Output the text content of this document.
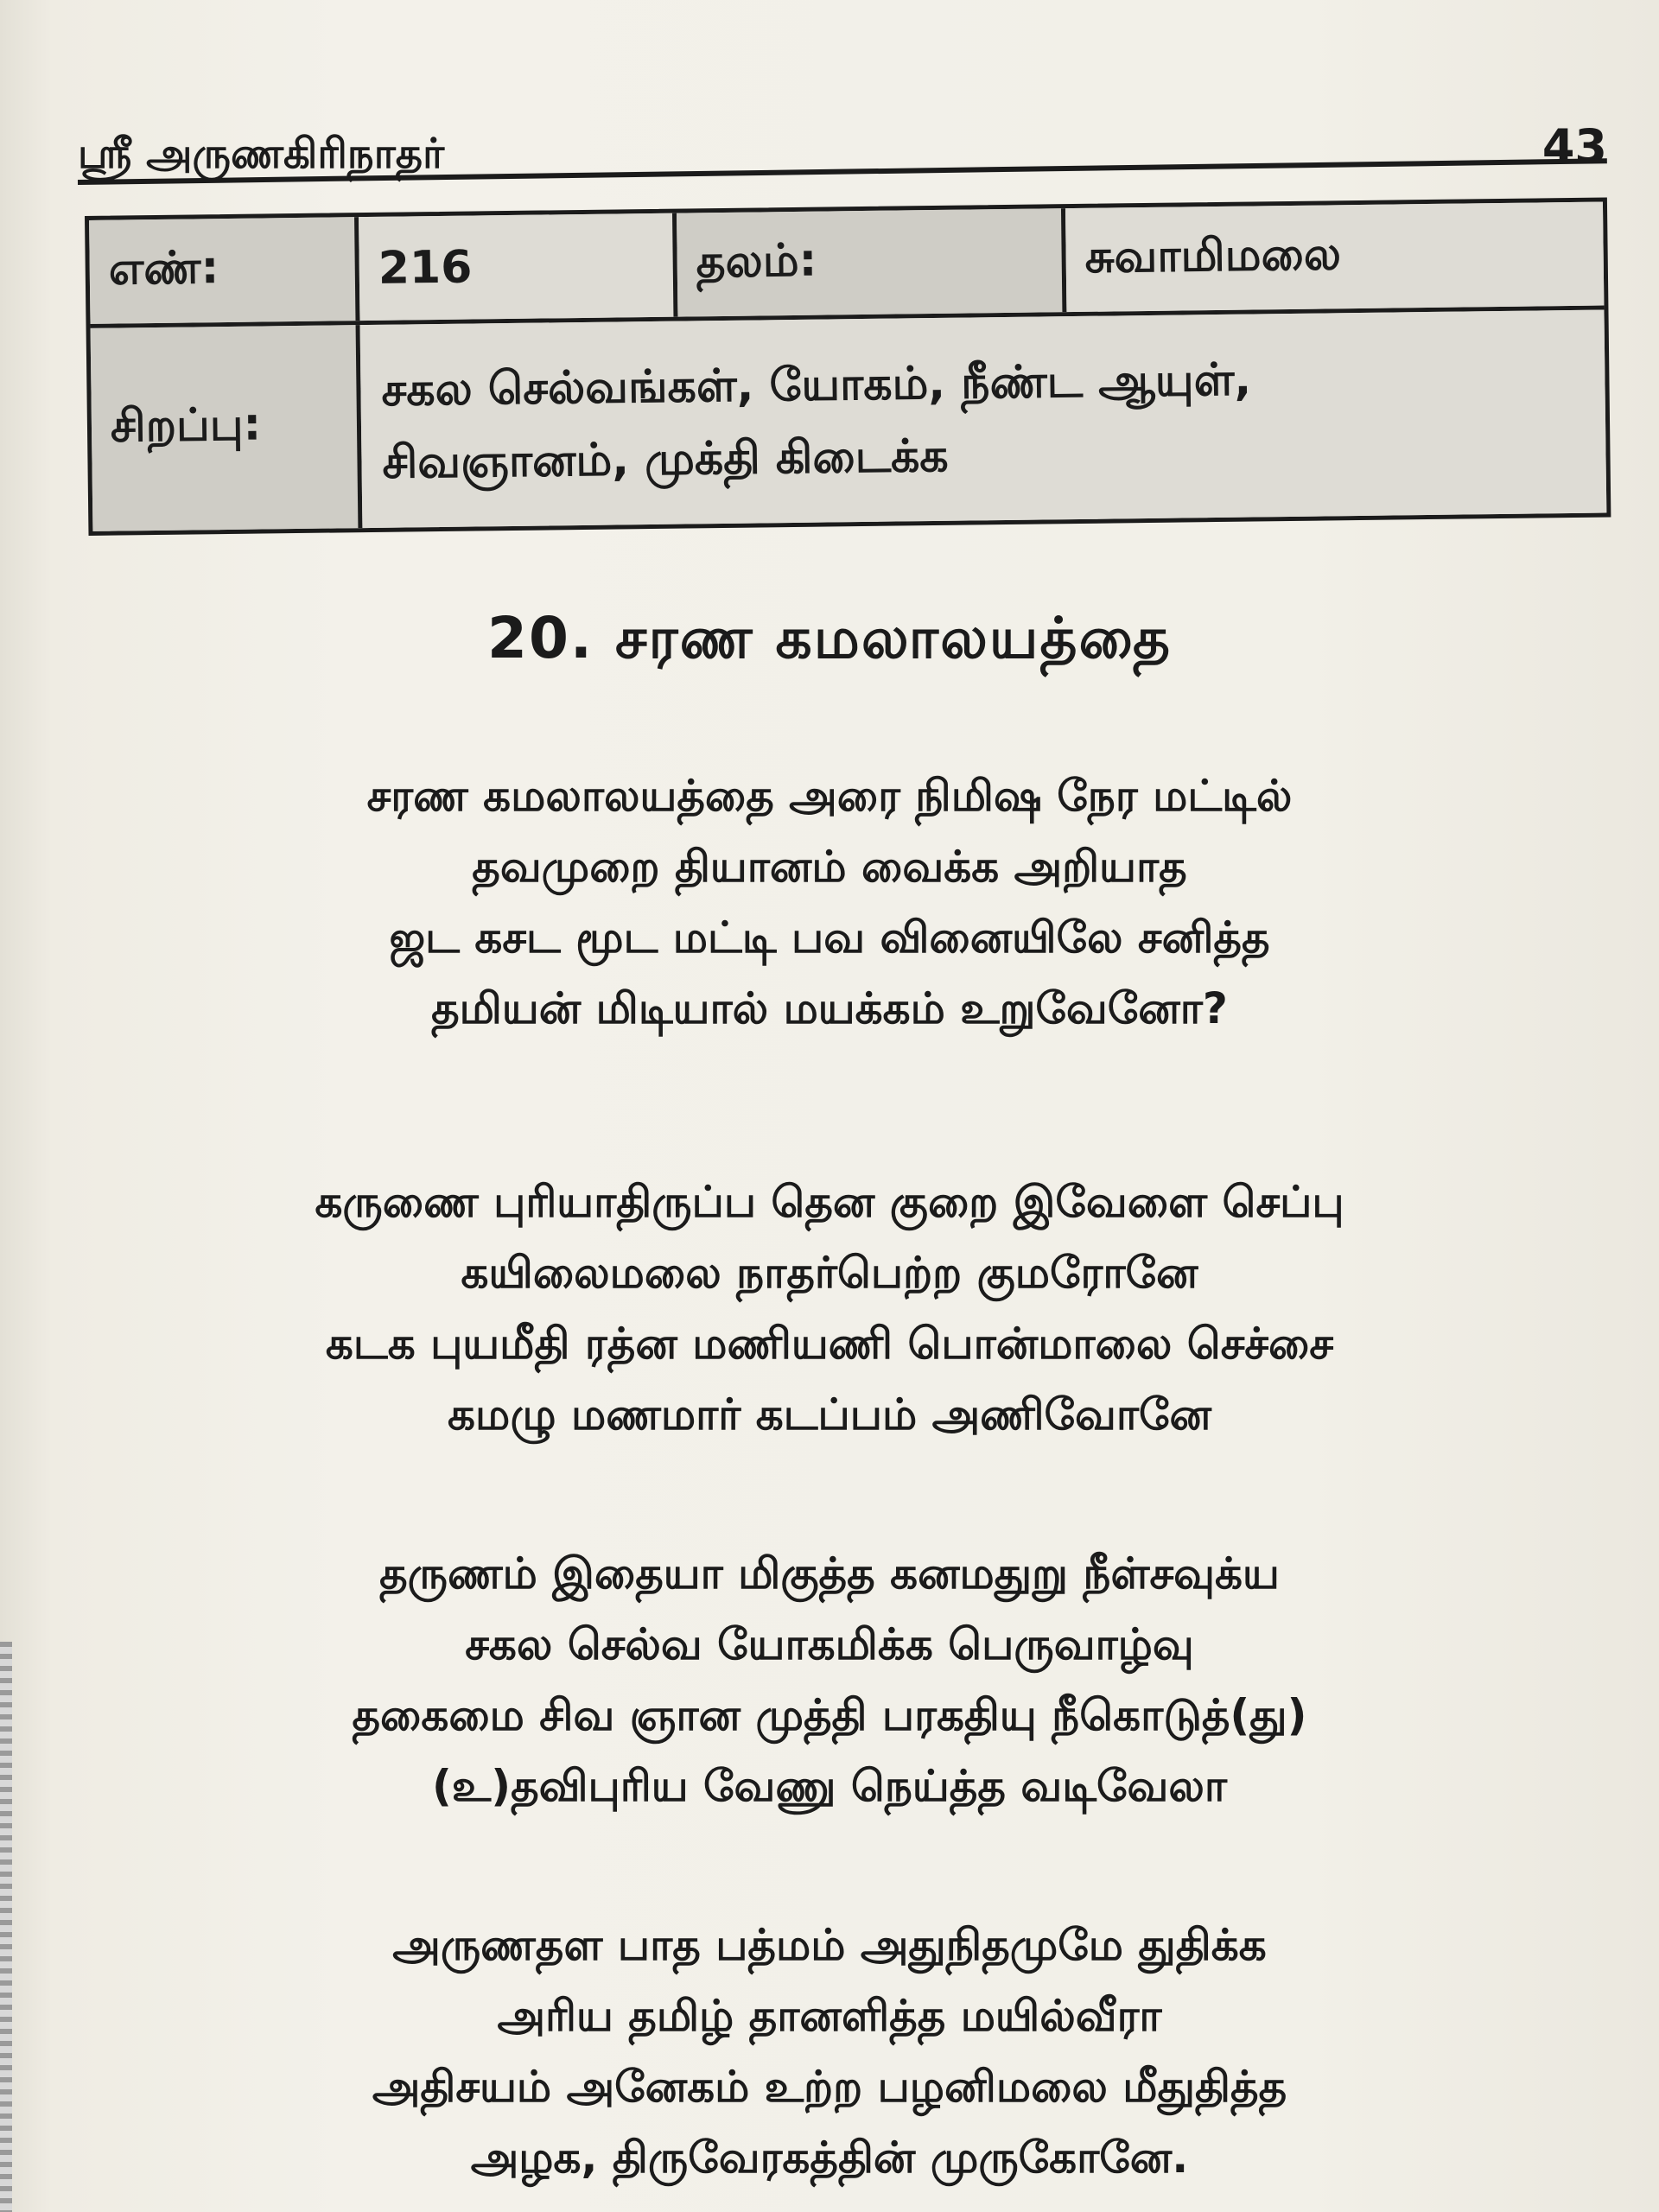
ஸ்ரீ அருணகிரிநாதர்	43
எண்:	216	தலம்:	சுவாமிமலை
சிறப்பு:
சகல செல்வங்கள், யோகம், நீண்ட ஆயுள்,
சிவஞானம், முக்தி கிடைக்க
20. சரண கமலாலயத்தை
சரண கமலாலயத்தை அரை நிமிஷ நேர மட்டில்
தவமுறை தியானம் வைக்க அறியாத
ஜட கசட மூட மட்டி பவ வினையிலே சனித்த
தமியன் மிடியால் மயக்கம் உறுவேனோ?
கருணை புரியாதிருப்ப தென குறை இவேளை செப்பு
கயிலைமலை நாதர்பெற்ற குமரோனே
கடக புயமீதி ரத்ன மணியணி பொன்மாலை செச்சை
கமழு மணமார் கடப்பம் அணிவோனே
தருணம் இதையா மிகுத்த கனமதுறு நீள்சவுக்ய
சகல செல்வ யோகமிக்க பெருவாழ்வு
தகைமை சிவ ஞான முத்தி பரகதியு நீகொடுத்(து)
(உ)தவிபுரிய வேணு நெய்த்த வடிவேலா
அருணதள பாத பத்மம் அதுநிதமுமே துதிக்க
அரிய தமிழ் தானளித்த மயில்வீரா
அதிசயம் அனேகம் உற்ற பழனிமலை மீதுதித்த
அழக, திருவேரகத்தின் முருகோனே.
